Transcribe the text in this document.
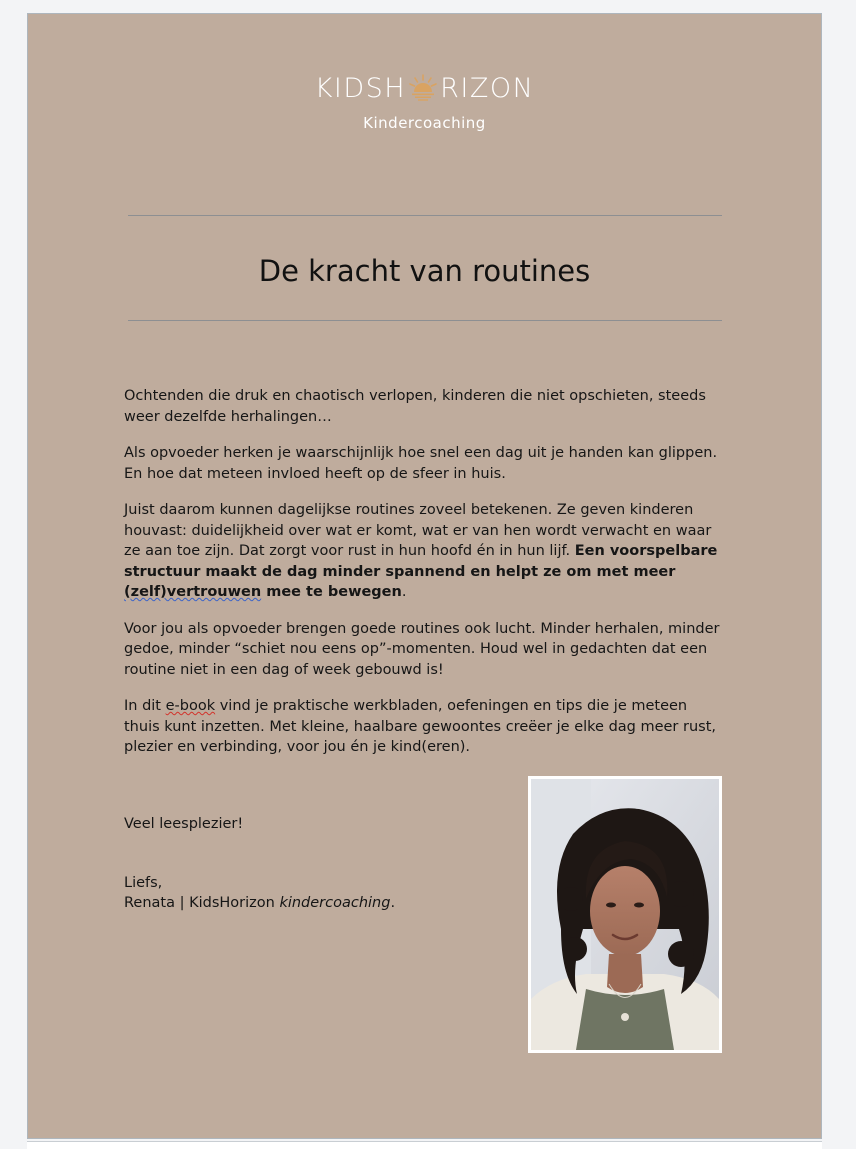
KIDSH RIZON
Kindercoaching
De kracht van routines

Ochtenden die druk en chaotisch verlopen, kinderen die niet opschieten, steeds weer dezelfde herhalingen…

Als opvoeder herken je waarschijnlijk hoe snel een dag uit je handen kan glippen. En hoe dat meteen invloed heeft op de sfeer in huis.

Juist daarom kunnen dagelijkse routines zoveel betekenen. Ze geven kinderen houvast: duidelijkheid over wat er komt, wat er van hen wordt verwacht en waar ze aan toe zijn. Dat zorgt voor rust in hun hoofd én in hun lijf. Een voorspelbare structuur maakt de dag minder spannend en helpt ze om met meer (zelf)vertrouwen mee te bewegen.

Voor jou als opvoeder brengen goede routines ook lucht. Minder herhalen, minder gedoe, minder “schiet nou eens op”-momenten. Houd wel in gedachten dat een routine niet in een dag of week gebouwd is!

In dit e-book vind je praktische werkbladen, oefeningen en tips die je meteen thuis kunt inzetten. Met kleine, haalbare gewoontes creëer je elke dag meer rust, plezier en verbinding, voor jou én je kind(eren).

Veel leesplezier!
Liefs,
Renata | KidsHorizon kindercoaching.
